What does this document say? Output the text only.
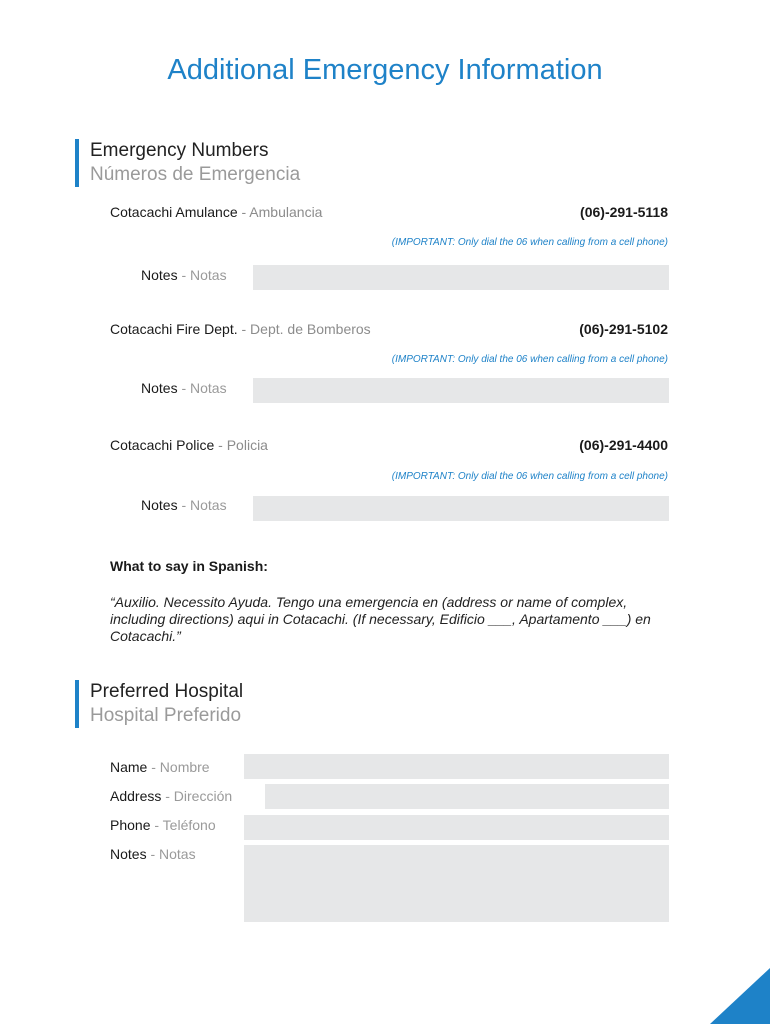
Additional Emergency Information
Emergency Numbers
Números de Emergencia
Cotacachi Amulance - Ambulancia	(06)-291-5118
(IMPORTANT: Only dial the 06 when calling from a cell phone)
Notes - Notas
Cotacachi Fire Dept. - Dept. de Bomberos	(06)-291-5102
(IMPORTANT: Only dial the 06 when calling from a cell phone)
Notes - Notas
Cotacachi Police - Policia	(06)-291-4400
(IMPORTANT: Only dial the 06 when calling from a cell phone)
Notes - Notas
What to say in Spanish:
“Auxilio. Necessito Ayuda. Tengo una emergencia en (address or name of complex, including directions) aqui in Cotacachi. (If necessary, Edificio ___, Apartamento ___) en Cotacachi.”
Preferred Hospital
Hospital Preferido
Name - Nombre
Address - Dirección
Phone - Teléfono
Notes - Notas
